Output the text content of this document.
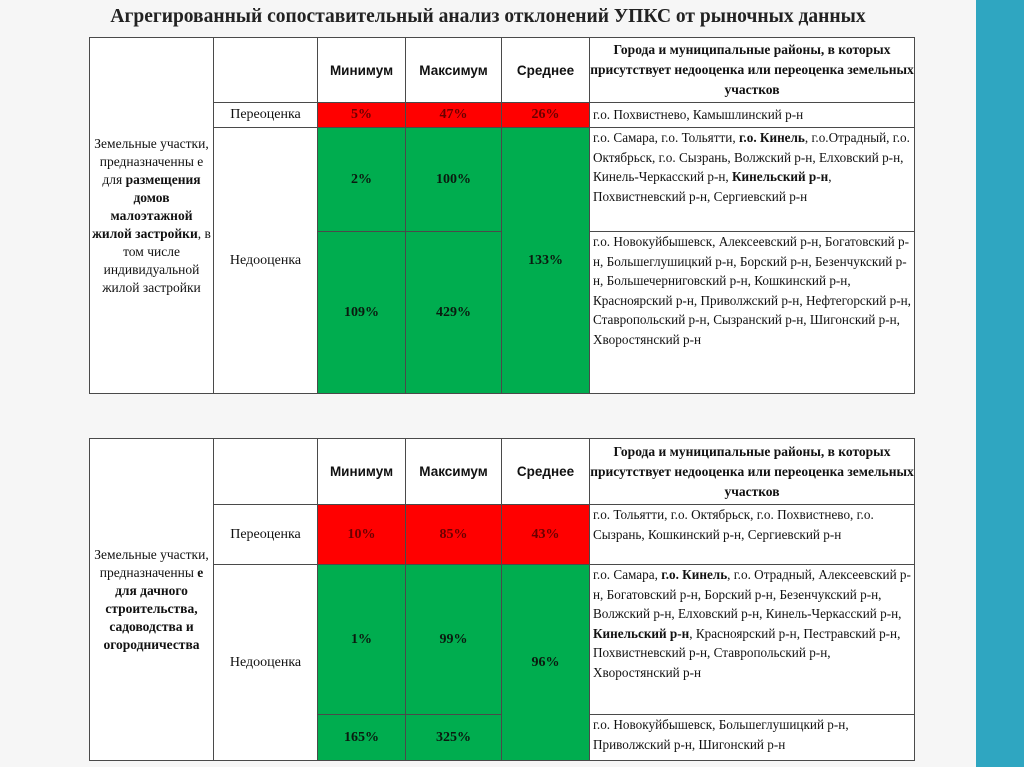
Агрегированный сопоставительный анализ отклонений УПКС от рыночных данных
Земельные участки, предназначенны е для размещения домов малоэтажной жилой застройки, в том числе индивидуальной жилой застройки		Минимум	Максимум	Среднее	Города и муниципальные районы, в которых присутствует недооценка или переоценка земельных участков
	Переоценка	5%	47%	26%	г.о. Похвистнево, Камышлинский р-н
	Недооценка	2%	100%	133%	г.о. Самара, г.о. Тольятти, г.о. Кинель, г.о.Отрадный, г.о. Октябрьск, г.о. Сызрань, Волжский р-н, Елховский р-н, Кинель-Черкасский р-н, Кинельский р-н, Похвистневский р-н, Сергиевский р-н
		109%	429%		г.о. Новокуйбышевск, Алексеевский р-н, Богатовский р-н, Большеглушицкий р-н, Борский р-н, Безенчукский р-н, Большечерниговский р-н, Кошкинский р-н, Красноярский р-н, Приволжский р-н, Нефтегорский р-н, Ставропольский р-н, Сызранский р-н, Шигонский р-н, Хворостянский р-н
Земельные участки, предназначенны е для дачного строительства, садоводства и огородничества		Минимум	Максимум	Среднее	Города и муниципальные районы, в которых присутствует недооценка или переоценка земельных участков
	Переоценка	10%	85%	43%	г.о. Тольятти, г.о. Октябрьск, г.о. Похвистнево, г.о. Сызрань, Кошкинский р-н, Сергиевский р-н
	Недооценка	1%	99%	96%	г.о. Самара, г.о. Кинель, г.о. Отрадный, Алексеевский р-н, Богатовский р-н, Борский р-н, Безенчукский р-н, Волжский р-н, Елховский р-н, Кинель-Черкасский р-н, Кинельский р-н, Красноярский р-н, Пестравский р-н, Похвистневский р-н, Ставропольский р-н, Хворостянский р-н
		165%	325%		г.о. Новокуйбышевск, Большеглушицкий р-н, Приволжский р-н, Шигонский р-н
